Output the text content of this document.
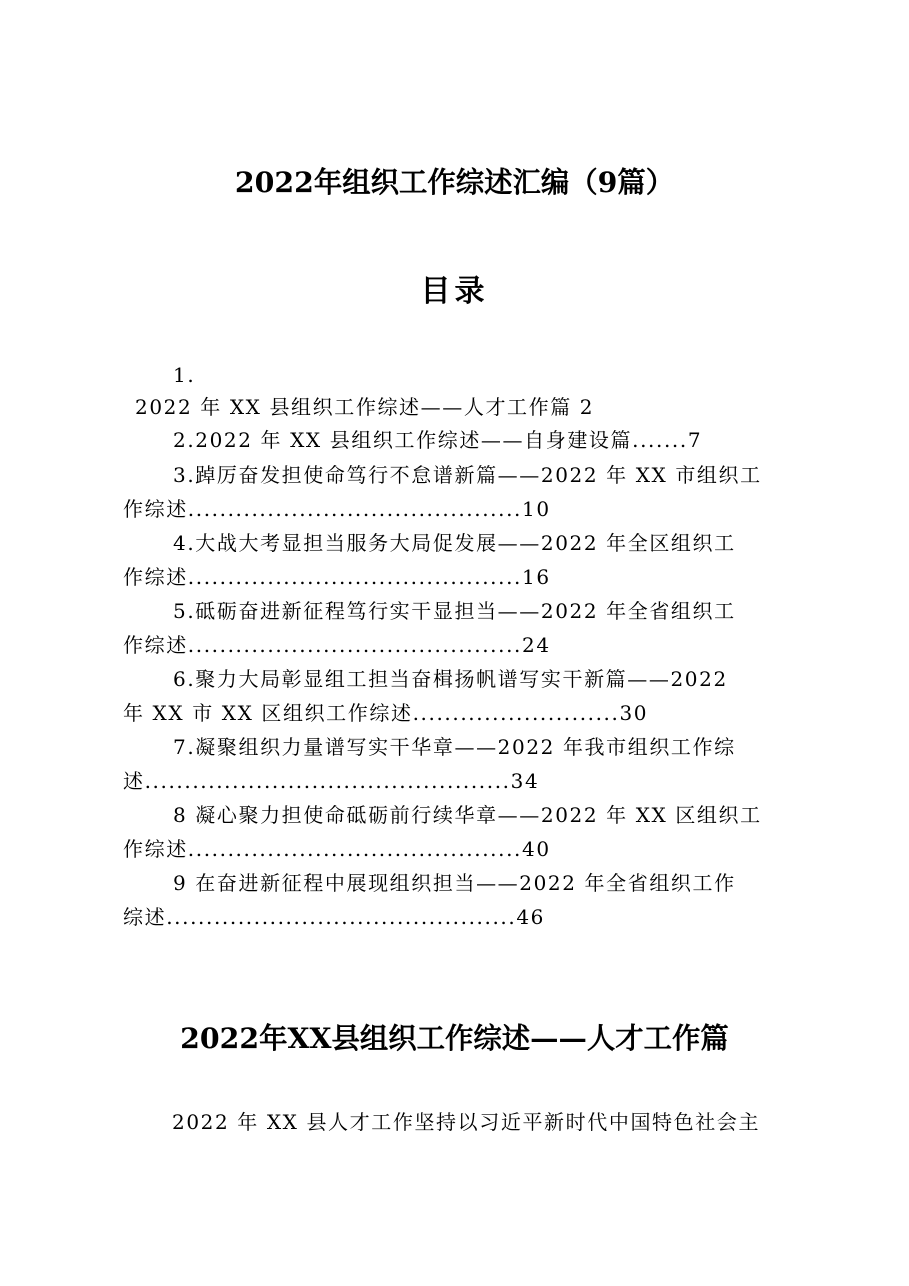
2022年组织工作综述汇编（9篇）
目录
1.
2022 年 XX 县组织工作综述——人才工作篇 2
2.2022 年 XX 县组织工作综述——自身建设篇.......7
3.踔厉奋发担使命笃行不怠谱新篇——2022 年 XX 市组织工
作综述..........................................10
4.大战大考显担当服务大局促发展——2022 年全区组织工
作综述..........................................16
5.砥砺奋进新征程笃行实干显担当——2022 年全省组织工
作综述..........................................24
6.聚力大局彰显组工担当奋楫扬帆谱写实干新篇——2022
年 XX 市 XX 区组织工作综述..........................30
7.凝聚组织力量谱写实干华章——2022 年我市组织工作综
述..............................................34
8 凝心聚力担使命砥砺前行续华章——2022 年 XX 区组织工
作综述..........................................40
9 在奋进新征程中展现组织担当——2022 年全省组织工作
综述............................................46
2022年XX县组织工作综述——人才工作篇
2022 年 XX 县人才工作坚持以习近平新时代中国特色社会主
